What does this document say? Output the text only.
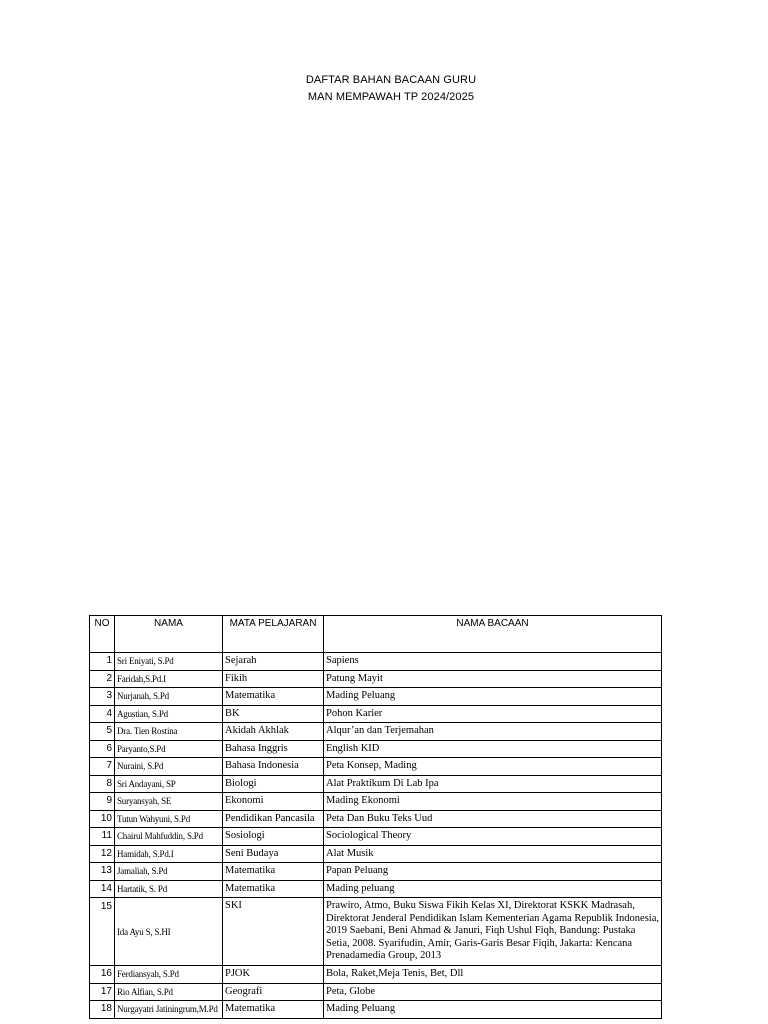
DAFTAR BAHAN BACAAN GURU
MAN MEMPAWAH TP 2024/2025
NO	NAMA	MATA PELAJARAN	NAMA BACAAN
1	Sri Eniyati, S.Pd	Sejarah	Sapiens
2	Faridah,S.Pd.I	Fikih	Patung Mayit
3	Nurjanah, S.Pd	Matematika	Mading Peluang
4	Agustian, S.Pd	BK	Pohon Karier
5	Dra. Tien Rostina	Akidah Akhlak	Alqur’an dan Terjemahan
6	Paryanto,S.Pd	Bahasa Inggris	English KID
7	Nuraini, S.Pd	Bahasa Indonesia	Peta Konsep, Mading
8	Sri Andayani, SP	Biologi	Alat Praktikum Di Lab Ipa
9	Suryansyah, SE	Ekonomi	Mading Ekonomi
10	Tutun Wahyuni, S.Pd	Pendidikan Pancasila	Peta Dan Buku Teks Uud
11	Chairul Mahfuddin, S.Pd	Sosiologi	Sociological Theory
12	Hamidah, S.Pd.I	Seni Budaya	Alat Musik
13	Jamaliah, S.Pd	Matematika	Papan Peluang
14	Hartatik, S. Pd	Matematika	Mading peluang
15	Ida Ayu S, S.HI	SKI	Prawiro, Atmo, Buku Siswa Fikih Kelas XI, Direktorat KSKK Madrasah, Direktorat Jenderal Pendidikan Islam Kementerian Agama Republik Indonesia, 2019 Saebani, Beni Ahmad & Januri, Fiqh Ushul Fiqh, Bandung: Pustaka Setia, 2008. Syarifudin, Amir, Garis-Garis Besar Fiqih, Jakarta: Kencana Prenadamedia Group, 2013
16	Ferdiansyah, S.Pd	PJOK	Bola, Raket,Meja Tenis, Bet, Dll
17	Rio Alfian, S.Pd	Geografi	Peta, Globe
18	Nurgayatri Jatiningrum,M.Pd	Matematika	Mading Peluang
